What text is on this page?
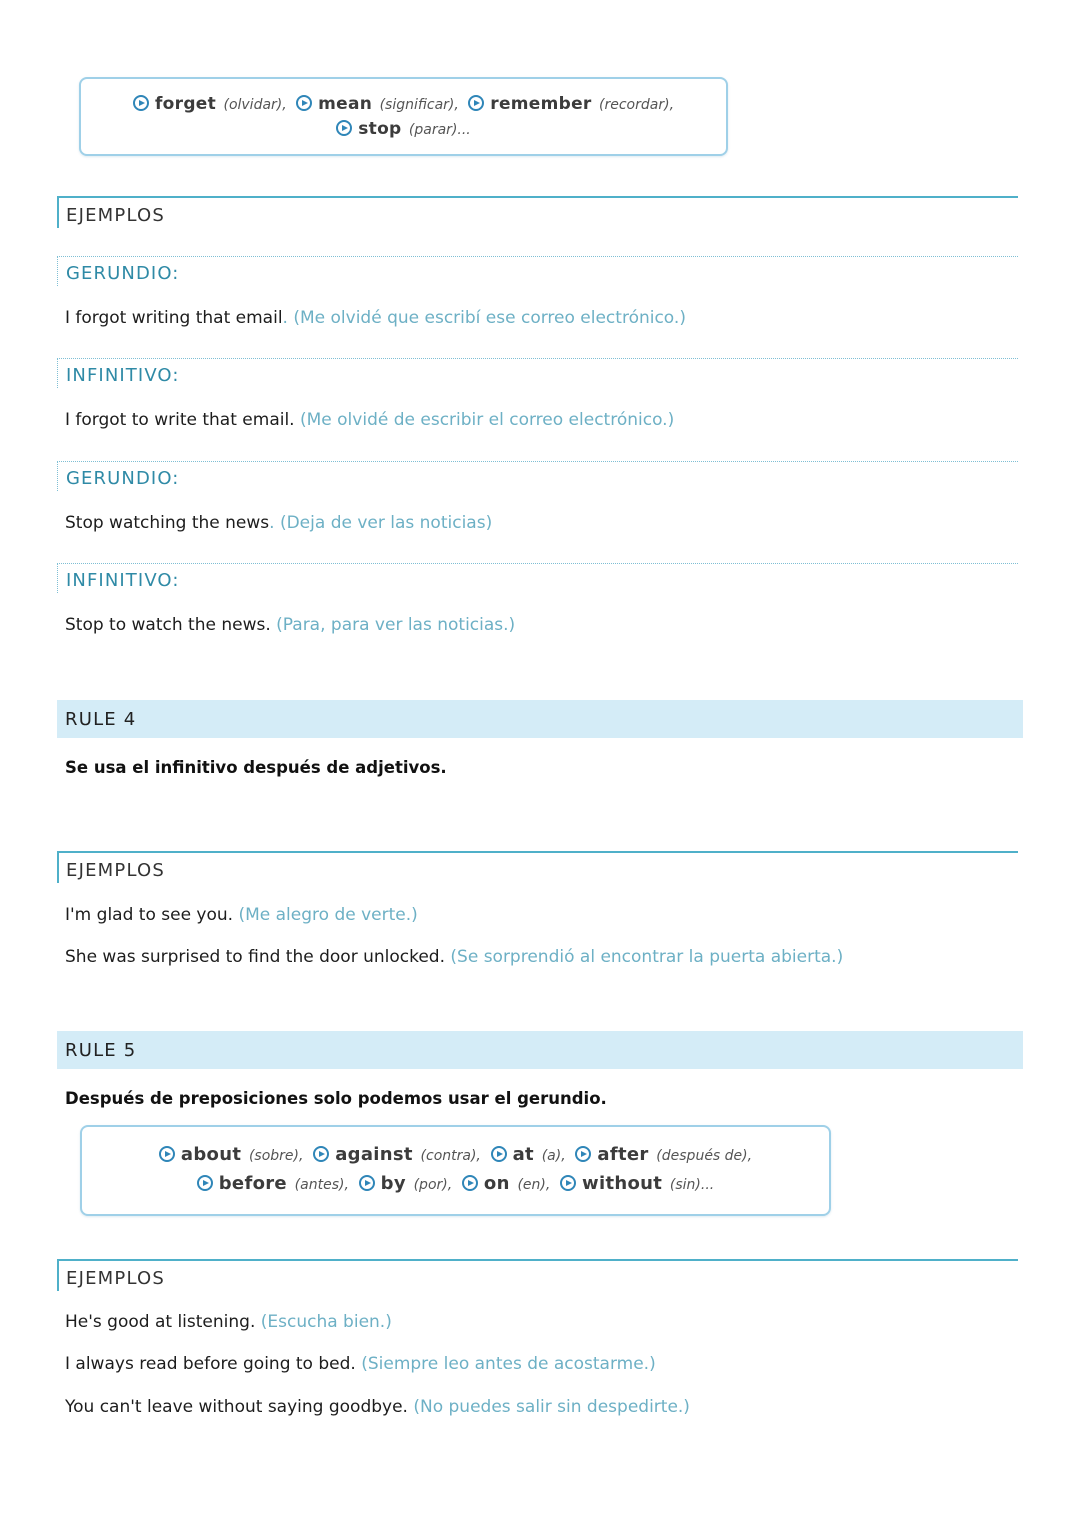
forget (olvidar), mean (significar), remember (recordar),
stop (parar)...
EJEMPLOS
GERUNDIO:
I forgot writing that email. (Me olvidé que escribí ese correo electrónico.)
INFINITIVO:
I forgot to write that email. (Me olvidé de escribir el correo electrónico.)
GERUNDIO:
Stop watching the news. (Deja de ver las noticias)
INFINITIVO:
Stop to watch the news. (Para, para ver las noticias.)
RULE 4
Se usa el infinitivo después de adjetivos.
EJEMPLOS
I'm glad to see you. (Me alegro de verte.)
She was surprised to find the door unlocked. (Se sorprendió al encontrar la puerta abierta.)
RULE 5
Después de preposiciones solo podemos usar el gerundio.
about (sobre), against (contra), at (a), after (después de),
before (antes), by (por), on (en), without (sin)...
EJEMPLOS
He's good at listening. (Escucha bien.)
I always read before going to bed. (Siempre leo antes de acostarme.)
You can't leave without saying goodbye. (No puedes salir sin despedirte.)
